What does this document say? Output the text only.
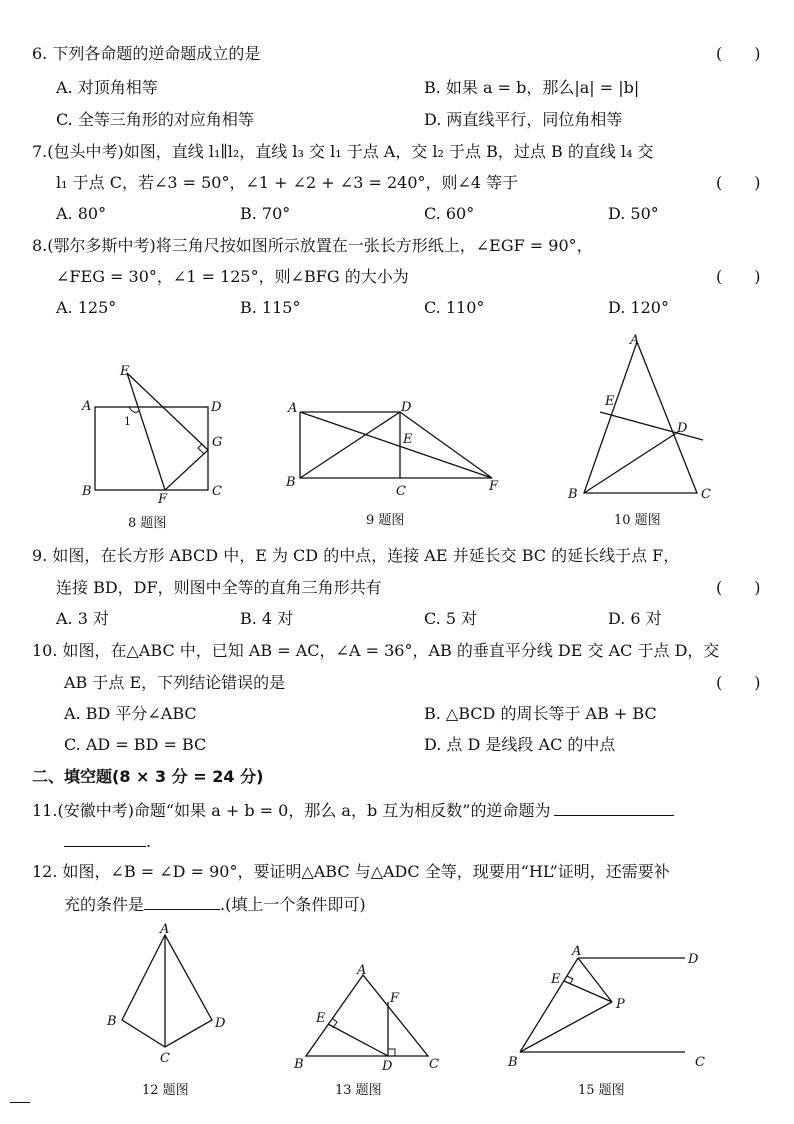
6. 下列各命题的逆命题成立的是	(　　)
A. 对顶角相等	B. 如果 a = b，那么|a| = |b|
C. 全等三角形的对应角相等	D. 两直线平行，同位角相等
7.(包头中考)如图，直线 l₁∥l₂，直线 l₃ 交 l₁ 于点 A，交 l₂ 于点 B，过点 B 的直线 l₄ 交
l₁ 于点 C，若∠3 = 50°，∠1 + ∠2 + ∠3 = 240°，则∠4 等于	(　　)
A. 80°	B. 70°	C. 60°	D. 50°
8.(鄂尔多斯中考)将三角尺按如图所示放置在一张长方形纸上，∠EGF = 90°，
∠FEG = 30°，∠1 = 125°，则∠BFG 的大小为	(　　)
A. 125°	B. 115°	C. 110°	D. 120°
E
A	D
G
B	C
F
1
8 题图
A	D
E
B
C	F
9 题图
A
E
D
B	C
10 题图
9. 如图，在长方形 ABCD 中，E 为 CD 的中点，连接 AE 并延长交 BC 的延长线于点 F，
连接 BD，DF，则图中全等的直角三角形共有	(　　)
A. 3 对	B. 4 对	C. 5 对	D. 6 对
10. 如图，在△ABC 中，已知 AB = AC，∠A = 36°，AB 的垂直平分线 DE 交 AC 于点 D，交
AB 于点 E，下列结论错误的是	(　　)
A. BD 平分∠ABC	B. △BCD 的周长等于 AB + BC
C. AD = BD = BC	D. 点 D 是线段 AC 的中点
二、填空题(8 × 3 分 = 24 分)
11.(安徽中考)命题“如果 a + b = 0，那么 a，b 互为相反数”的逆命题为
.
12. 如图，∠B = ∠D = 90°，要证明△ABC 与△ADC 全等，现要用“HL”证明，还需要补
充的条件是	.(填上一个条件即可)
A
B	D
C
12 题图
A
F
E
B	D	C
13 题图
A
D
E
P
B	C
15 题图
